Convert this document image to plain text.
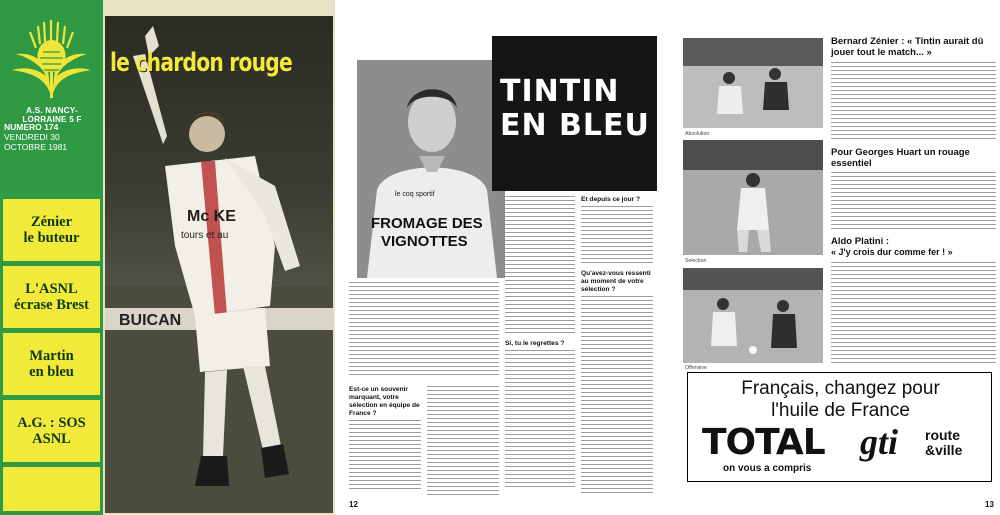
A.S. NANCY-LORRAINE 5 F
NUMERO 174
VENDREDI 30 OCTOBRE 1981
Zénier
le buteur
L'ASNL
écrase Brest
Martin
en bleu
A.G. : SOS
ASNL
BUICAN
Mc KE
tours et au
le chardon rouge
le coq sportif
FROMAGE DES
VIGNOTTES
TINTIN
EN BLEU
Est-ce un souvenir marquant, votre sélection en équipe de France ?
Si, tu le regrettes ?
Et depuis ce jour ?
Qu'avez-vous ressenti au moment de votre sélection ?
12
Absolution
Selection
Offensive
Bernard Zénier : « Tintin aurait dû jouer tout le match... »
Pour Georges Huart un rouage essentiel
Aldo Platini :
« J'y crois dur comme fer ! »
13
Français, changez pour
l'huile de France
TOTAL gti route
&ville
on vous a compris
